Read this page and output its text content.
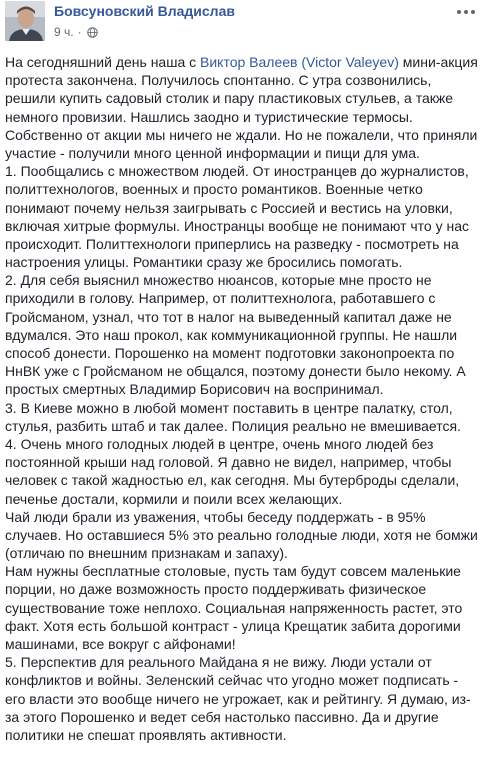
Бовсуновский Владислав
9 ч. ·
На сегодняшний день наша с Виктор Валеев (Victor Valeyev) мини-акция
протеста закончена. Получилось спонтанно. С утра созвонились,
решили купить садовый столик и пару пластиковых стульев, а также
немного провизии. Нашлись заодно и туристические термосы.
Собственно от акции мы ничего не ждали. Но не пожалели, что приняли
участие - получили много ценной информации и пищи для ума.
1. Пообщались с множеством людей. От иностранцев до журналистов,
политтехнологов, военных и просто романтиков. Военные четко
понимают почему нельзя заигрывать с Россией и вестись на уловки,
включая хитрые формулы. Иностранцы вообще не понимают что у нас
происходит. Политтехнологи приперлись на разведку - посмотреть на
настроения улицы. Романтики сразу же бросились помогать.
2. Для себя выяснил множество нюансов, которые мне просто не
приходили в голову. Например, от политтехнолога, работавшего с
Гройсманом, узнал, что тот в налог на выведенный капитал даже не
вдумался. Это наш прокол, как коммуникационной группы. Не нашли
способ донести. Порошенко на момент подготовки законопроекта по
НнВК уже с Гройсманом не общался, поэтому донести было некому. А
простых смертных Владимир Борисович на воспринимал.
3. В Киеве можно в любой момент поставить в центре палатку, стол,
стулья, разбить штаб и так далее. Полиция реально не вмешивается.
4. Очень много голодных людей в центре, очень много людей без
постоянной крыши над головой. Я давно не видел, например, чтобы
человек с такой жадностью ел, как сегодня. Мы бутерброды сделали,
печенье достали, кормили и поили всех желающих.
Чай люди брали из уважения, чтобы беседу поддержать - в 95%
случаев. Но оставшиеся 5% это реально голодные люди, хотя не бомжи
(отличаю по внешним признакам и запаху).
Нам нужны бесплатные столовые, пусть там будут совсем маленькие
порции, но даже возможность просто поддерживать физическое
существование тоже неплохо. Социальная напряженность растет, это
факт. Хотя есть большой контраст - улица Крещатик забита дорогими
машинами, все вокруг с айфонами!
5. Перспектив для реального Майдана я не вижу. Люди устали от
конфликтов и войны. Зеленский сейчас что угодно может подписать -
его власти это вообще ничего не угрожает, как и рейтингу. Я думаю, из-
за этого Порошенко и ведет себя настолько пассивно. Да и другие
политики не спешат проявлять активности.
